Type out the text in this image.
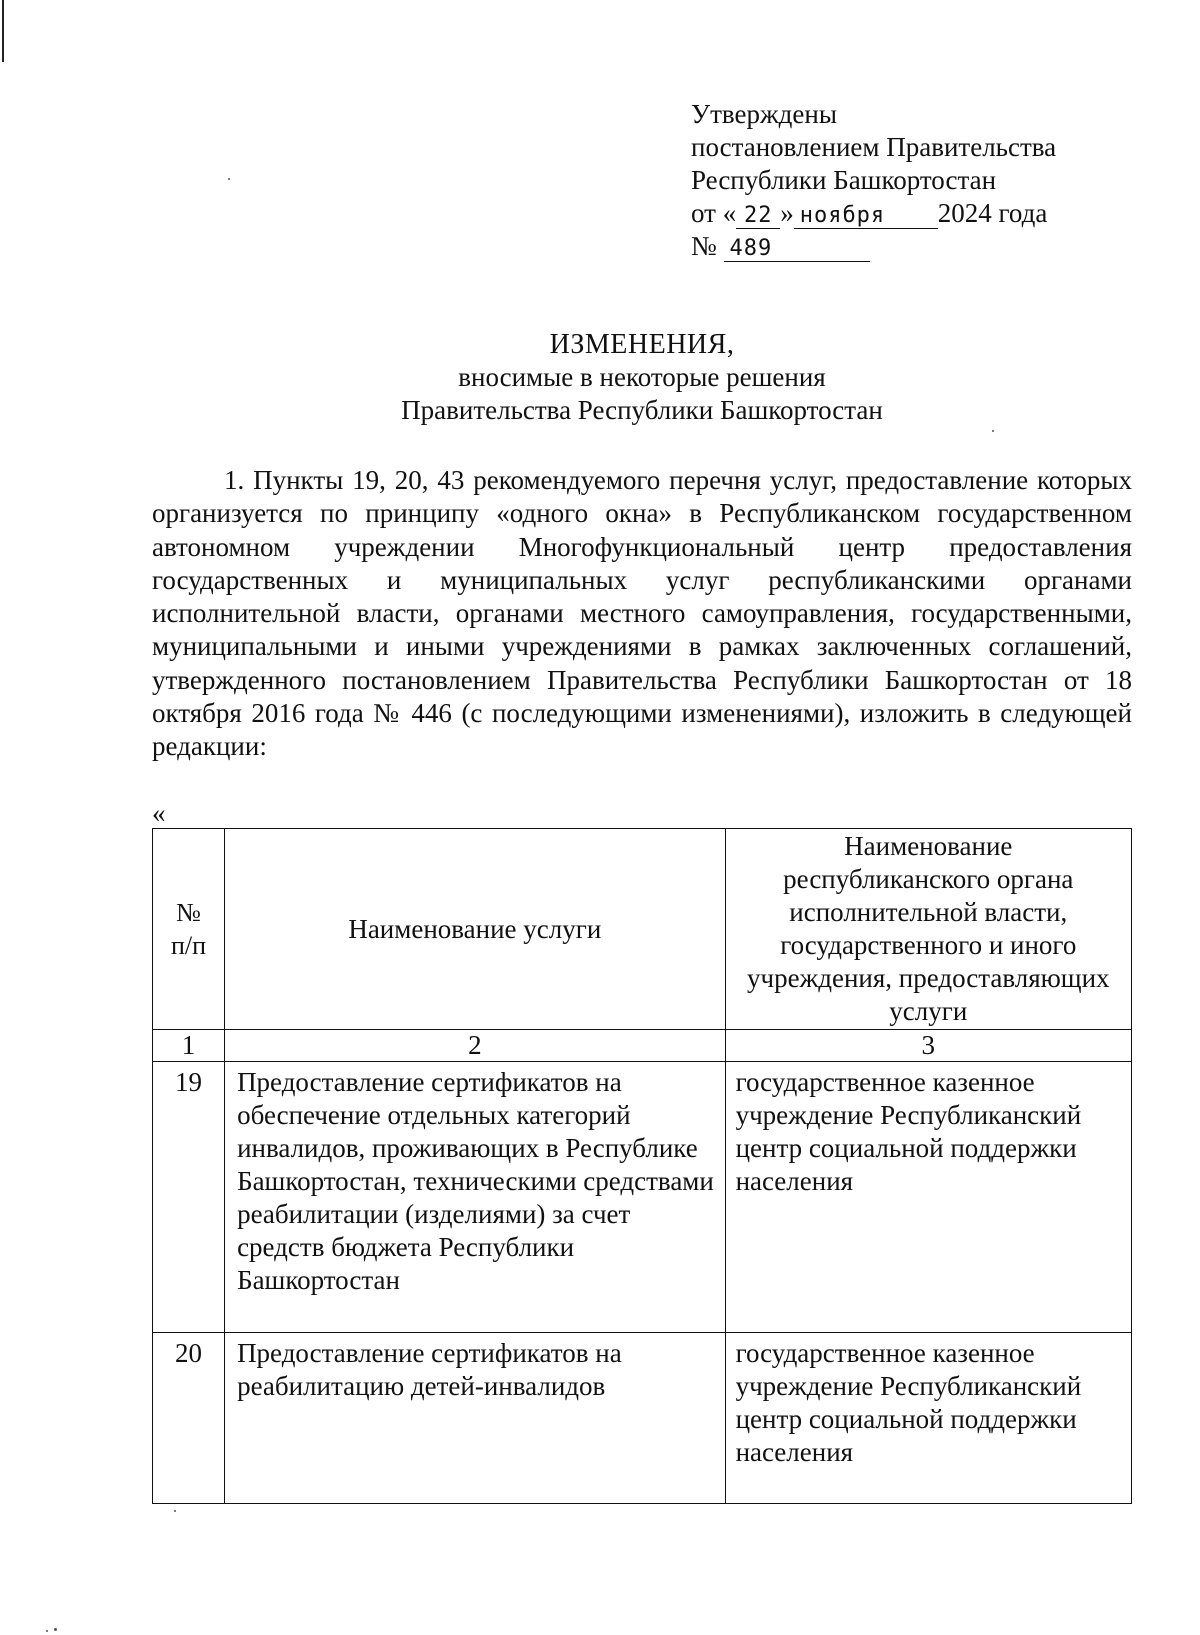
Утверждены
постановлением Правительства
Республики Башкортостан
от « 22 » ноября 2024 года
№ 489
ИЗМЕНЕНИЯ,
вносимые в некоторые решения
Правительства Республики Башкортостан

1. Пункты 19, 20, 43 рекомендуемого перечня услуг, предоставление которых организуется по принципу «одного окна» в Республиканском государственном автономном учреждении Многофункциональный центр предоставления государственных и муниципальных услуг республиканскими органами исполнительной власти, органами местного самоуправления, государственными, муниципальными и иными учреждениями в рамках заключенных соглашений, утвержденного постановлением Правительства Республики Башкортостан от 18 октября 2016 года № 446 (с последующими изменениями), изложить в следующей редакции:

«
№
п/п	Наименование услуги	Наименование республиканского органа исполнительной власти, государственного и иного учреждения, предоставляющих услуги
1	2	3
19	Предоставление сертификатов на обеспечение отдельных категорий инвалидов, проживающих в Республике Башкортостан, техническими средствами реабилитации (изделиями) за счет средств бюджета Республики Башкортостан	государственное казенное учреждение Республиканский центр социальной поддержки населения
20	Предоставление сертификатов на реабилитацию детей-инвалидов	государственное казенное учреждение Республиканский центр социальной поддержки населения
